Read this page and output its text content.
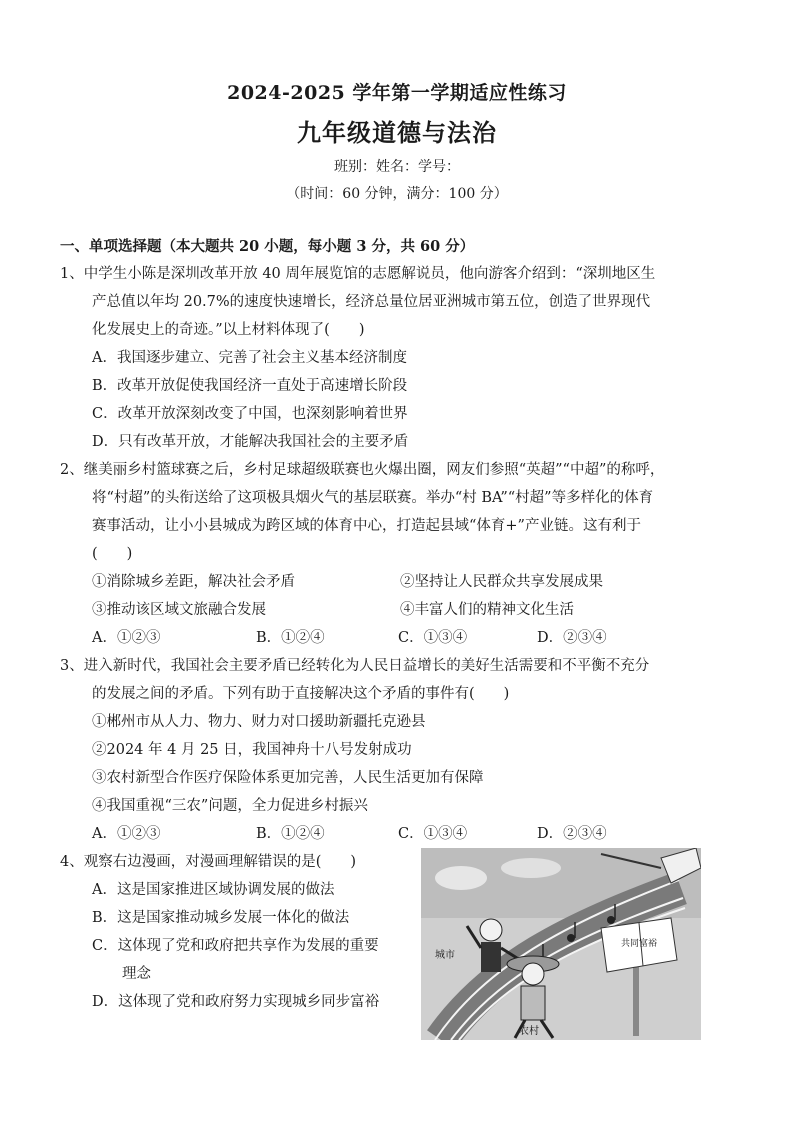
2024-2025 学年第一学期适应性练习
九年级道德与法治
班别：姓名：学号：
（时间：60 分钟，满分：100 分）
一、单项选择题（本大题共 20 小题，每小题 3 分，共 60 分）
1、中学生小陈是深圳改革开放 40 周年展览馆的志愿解说员，他向游客介绍到：“深圳地区生
产总值以年均 20.7%的速度快速增长，经济总量位居亚洲城市第五位，创造了世界现代
化发展史上的奇迹。”以上材料体现了(　　)
A．我国逐步建立、完善了社会主义基本经济制度
B．改革开放促使我国经济一直处于高速增长阶段
C．改革开放深刻改变了中国，也深刻影响着世界
D．只有改革开放，才能解决我国社会的主要矛盾
2、继美丽乡村篮球赛之后，乡村足球超级联赛也火爆出圈，网友们参照“英超”“中超”的称呼，
将“村超”的头衔送给了这项极具烟火气的基层联赛。举办“村 BA”“村超”等多样化的体育
赛事活动，让小小县城成为跨区域的体育中心，打造起县域“体育+”产业链。这有利于
(　　)
①消除城乡差距，解决社会矛盾	②坚持让人民群众共享发展成果
③推动该区域文旅融合发展	④丰富人们的精神文化生活
A．①②③	B．①②④	C．①③④	D．②③④
3、进入新时代，我国社会主要矛盾已经转化为人民日益增长的美好生活需要和不平衡不充分
的发展之间的矛盾。下列有助于直接解决这个矛盾的事件有(　　)
①郴州市从人力、物力、财力对口援助新疆托克逊县
②2024 年 4 月 25 日，我国神舟十八号发射成功
③农村新型合作医疗保险体系更加完善，人民生活更加有保障
④我国重视“三农”问题，全力促进乡村振兴
A．①②③	B．①②④	C．①③④	D．②③④
4、观察右边漫画，对漫画理解错误的是(　　)
A．这是国家推进区域协调发展的做法
B．这是国家推动城乡发展一体化的做法
C．这体现了党和政府把共享作为发展的重要
理念
D．这体现了党和政府努力实现城乡同步富裕
共同富裕
城市
农村
